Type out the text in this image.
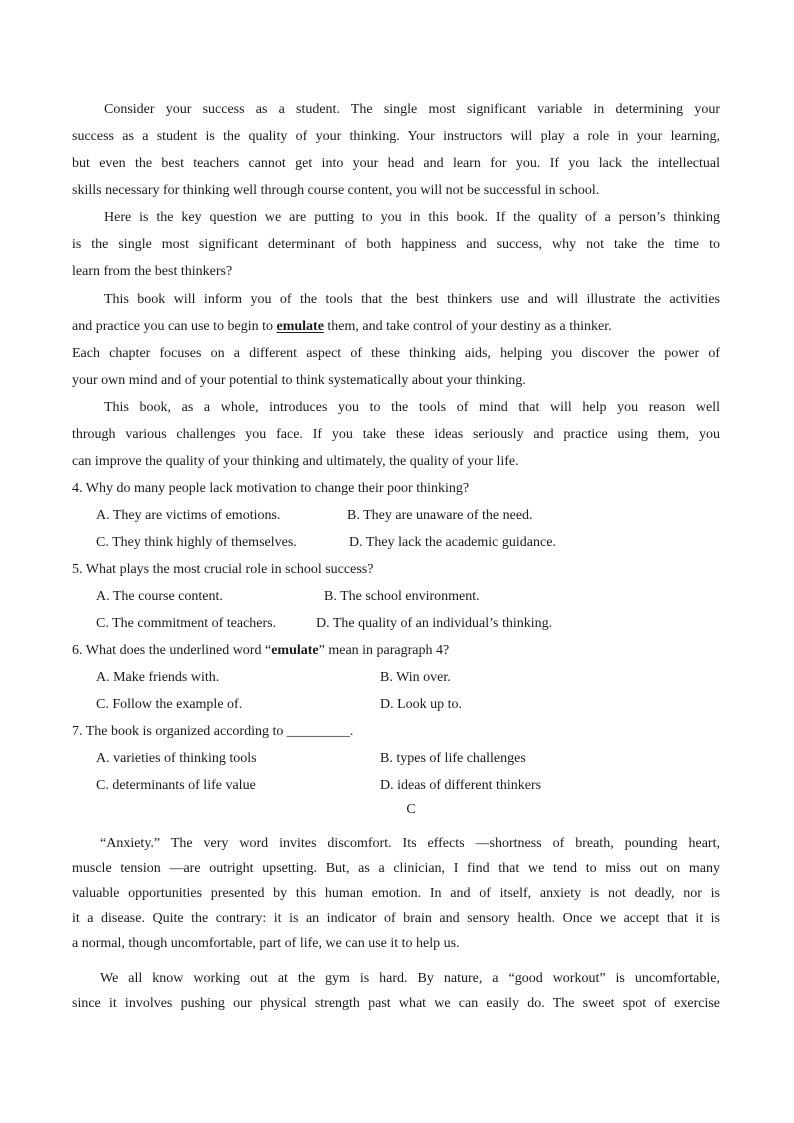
Consider your success as a student. The single most significant variable in determining your
success as a student is the quality of your thinking. Your instructors will play a role in your learning,
but even the best teachers cannot get into your head and learn for you. If you lack the intellectual
skills necessary for thinking well through course content, you will not be successful in school.
Here is the key question we are putting to you in this book. If the quality of a person’s thinking
is the single most significant determinant of both happiness and success, why not take the time to
learn from the best thinkers?
This book will inform you of the tools that the best thinkers use and will illustrate the activities
and practice you can use to begin to emulate them, and take control of your destiny as a thinker.
Each chapter focuses on a different aspect of these thinking aids, helping you discover the power of
your own mind and of your potential to think systematically about your thinking.
This book, as a whole, introduces you to the tools of mind that will help you reason well
through various challenges you face. If you take these ideas seriously and practice using them, you
can improve the quality of your thinking and ultimately, the quality of your life.
4. Why do many people lack motivation to change their poor thinking?
A. They are victims of emotions.	B. They are unaware of the need.
C. They think highly of themselves.	D. They lack the academic guidance.
5. What plays the most crucial role in school success?
A. The course content.	B. The school environment.
C. The commitment of teachers.	D. The quality of an individual’s thinking.
6. What does the underlined word “emulate” mean in paragraph 4?
A. Make friends with.	B. Win over.
C. Follow the example of.	D. Look up to.
7. The book is organized according to _________.
A. varieties of thinking tools	B. types of life challenges
C. determinants of life value	D. ideas of different thinkers
C
“Anxiety.” The very word invites discomfort. Its effects —shortness of breath, pounding heart,
muscle tension —are outright upsetting. But, as a clinician, I find that we tend to miss out on many
valuable opportunities presented by this human emotion. In and of itself, anxiety is not deadly, nor is
it a disease. Quite the contrary: it is an indicator of brain and sensory health. Once we accept that it is
a normal, though uncomfortable, part of life, we can use it to help us.
We all know working out at the gym is hard. By nature, a “good workout” is uncomfortable,
since it involves pushing our physical strength past what we can easily do. The sweet spot of exercise
